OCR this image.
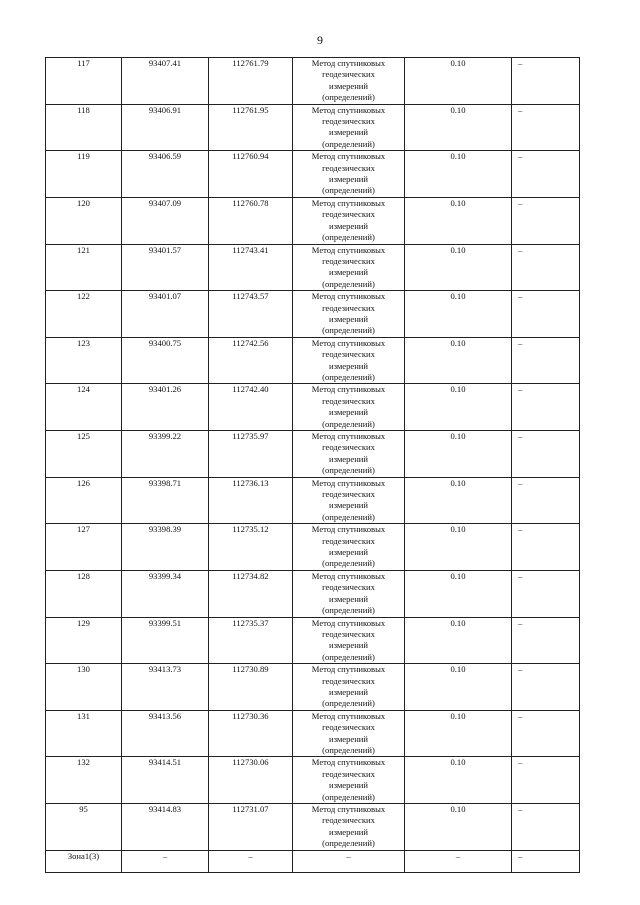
9
117	93407.41	112761.79	Метод спутниковых
геодезических
измерений
(определений)	0.10	–
118	93406.91	112761.95	Метод спутниковых
геодезических
измерений
(определений)	0.10	–
119	93406.59	112760.94	Метод спутниковых
геодезических
измерений
(определений)	0.10	–
120	93407.09	112760.78	Метод спутниковых
геодезических
измерений
(определений)	0.10	–
121	93401.57	112743.41	Метод спутниковых
геодезических
измерений
(определений)	0.10	–
122	93401.07	112743.57	Метод спутниковых
геодезических
измерений
(определений)	0.10	–
123	93400.75	112742.56	Метод спутниковых
геодезических
измерений
(определений)	0.10	–
124	93401.26	112742.40	Метод спутниковых
геодезических
измерений
(определений)	0.10	–
125	93399.22	112735.97	Метод спутниковых
геодезических
измерений
(определений)	0.10	–
126	93398.71	112736.13	Метод спутниковых
геодезических
измерений
(определений)	0.10	–
127	93398.39	112735.12	Метод спутниковых
геодезических
измерений
(определений)	0.10	–
128	93399.34	112734.82	Метод спутниковых
геодезических
измерений
(определений)	0.10	–
129	93399.51	112735.37	Метод спутниковых
геодезических
измерений
(определений)	0.10	–
130	93413.73	112730.89	Метод спутниковых
геодезических
измерений
(определений)	0.10	–
131	93413.56	112730.36	Метод спутниковых
геодезических
измерений
(определений)	0.10	–
132	93414.51	112730.06	Метод спутниковых
геодезических
измерений
(определений)	0.10	–
95	93414.83	112731.07	Метод спутниковых
геодезических
измерений
(определений)	0.10	–
Зона1(3)	–	–	–	–	–
